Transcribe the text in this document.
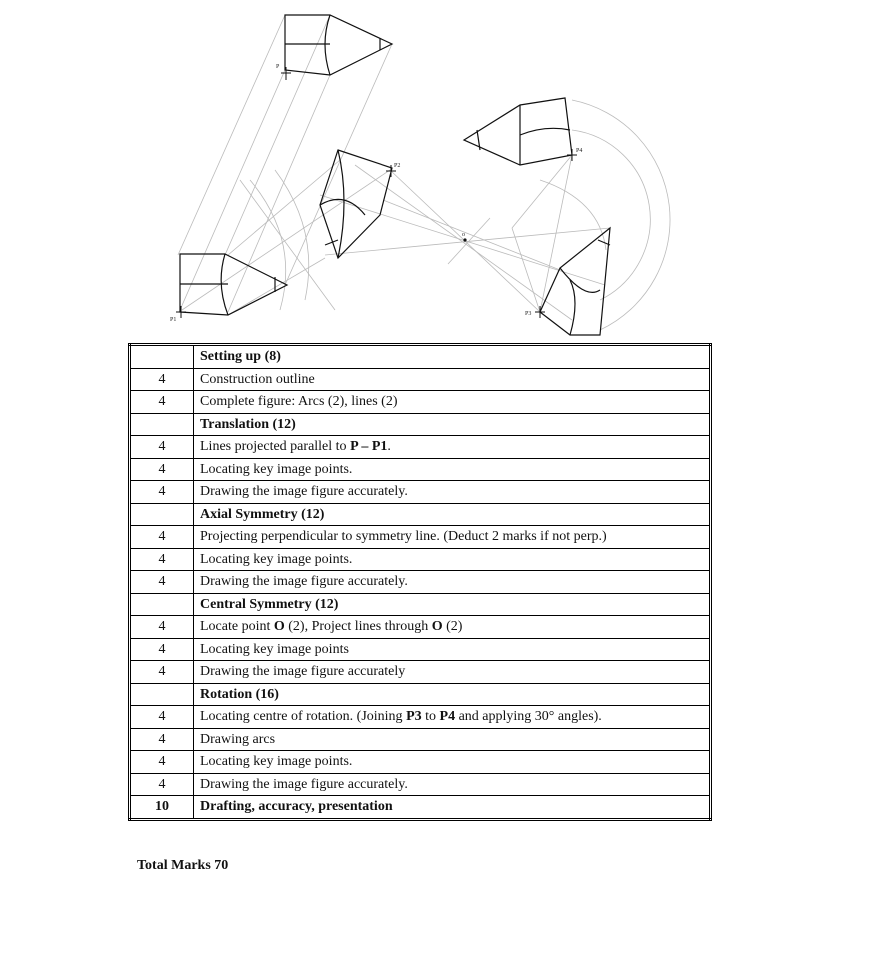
P
P1
P2
P4
P3
o
	Setting up (8)
4	Construction outline
4	Complete figure: Arcs (2), lines (2)
	Translation (12)
4	Lines projected parallel to P – P1.
4	Locating key image points.
4	Drawing the image figure accurately.
	Axial Symmetry (12)
4	Projecting perpendicular to symmetry line. (Deduct 2 marks if not perp.)
4	Locating key image points.
4	Drawing the image figure accurately.
	Central Symmetry (12)
4	Locate point O (2), Project lines through O (2)
4	Locating key image points
4	Drawing the image figure accurately
	Rotation (16)
4	Locating centre of rotation. (Joining P3 to P4 and applying 30° angles).
4	Drawing arcs
4	Locating key image points.
4	Drawing the image figure accurately.
10	Drafting, accuracy, presentation
Total Marks 70
